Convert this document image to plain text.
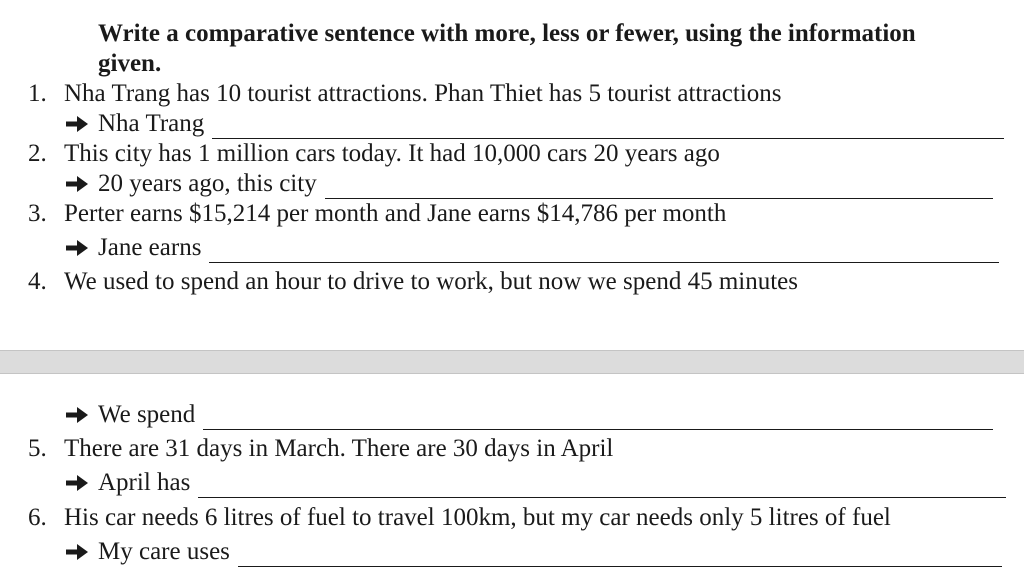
Write a comparative sentence with more, less or fewer, using the information
given.
1. Nha Trang has 10 tourist attractions. Phan Thiet has 5 tourist attractions
Nha Trang
2. This city has 1 million cars today. It had 10,000 cars 20 years ago
20 years ago, this city
3. Perter earns $15,214 per month and Jane earns $14,786 per month
Jane earns
4. We used to spend an hour to drive to work, but now we spend 45 minutes
We spend
5. There are 31 days in March. There are 30 days in April
April has
6. His car needs 6 litres of fuel to travel 100km, but my car needs only 5 litres of fuel
My care uses
